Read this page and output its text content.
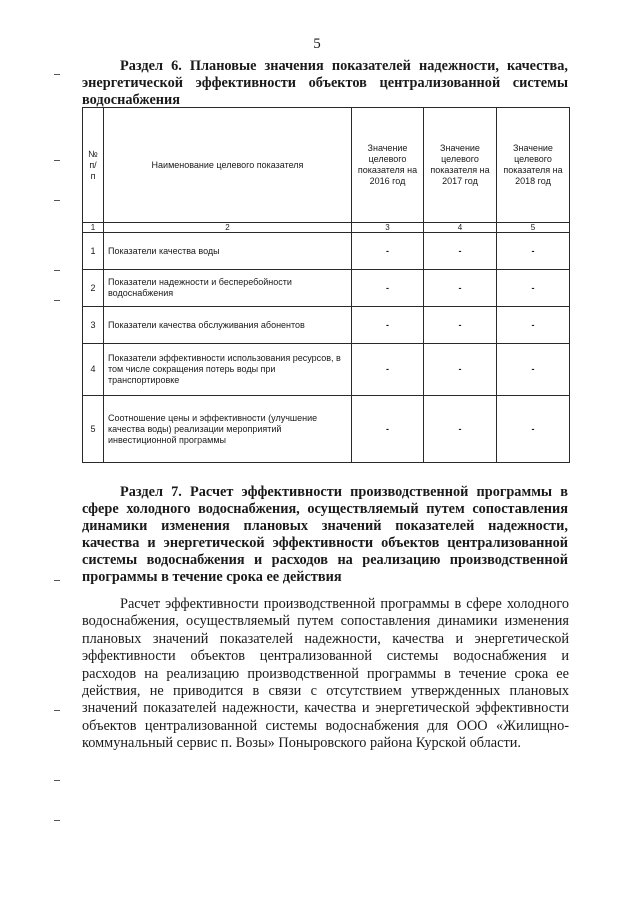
5
Раздел 6. Плановые значения показателей надежности, качества, энергетической эффективности объектов централизованной системы водоснабжения
№ п/п	Наименование целевого показателя	Значение целевого показателя на 2016 год	Значение целевого показателя на 2017 год	Значение целевого показателя на 2018 год
1	2	3	4	5
1	Показатели качества воды	-	-	-
2	Показатели надежности и бесперебойности водоснабжения	-	-	-
3	Показатели качества обслуживания абонентов	-	-	-
4	Показатели эффективности использования ресурсов, в том числе сокращения потерь воды при транспортировке	-	-	-
5	Соотношение цены и эффективности (улучшение качества воды) реализации мероприятий инвестиционной программы	-	-	-
Раздел 7. Расчет эффективности производственной программы в сфере холодного водоснабжения, осуществляемый путем сопоставления динамики изменения плановых значений показателей надежности, качества и энергетической эффективности объектов централизованной системы водоснабжения и расходов на реализацию производственной программы в течение срока ее действия
Расчет эффективности производственной программы в сфере холодного водоснабжения, осуществляемый путем сопоставления динамики изменения плановых значений показателей надежности, качества и энергетической эффективности объектов централизованной системы водоснабжения и расходов на реализацию производственной программы в течение срока ее действия, не приводится в связи с отсутствием утвержденных плановых значений показателей надежности, качества и энергетической эффективности объектов централизованной системы водоснабжения для ООО «Жилищно-коммунальный сервис п. Возы» Поныровского района Курской области.
